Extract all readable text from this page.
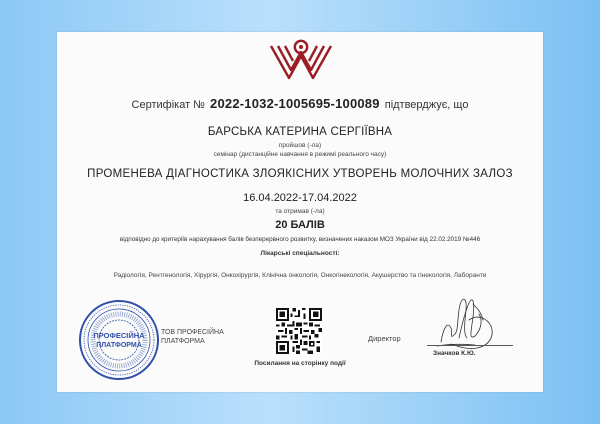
Сертифікат № 2022-1032-1005695-100089 підтверджує, що
БАРСЬКА КАТЕРИНА СЕРГІЇВНА
пройшов (-ла)
семінар (дистанційне навчання в режимі реального часу)
ПРОМЕНЕВА ДІАГНОСТИКА ЗЛОЯКІСНИХ УТВОРЕНЬ МОЛОЧНИХ ЗАЛОЗ
16.04.2022-17.04.2022
та отримав (-ла)
20 БАЛІВ
відповідно до критеріїв нарахування балів безперервного розвитку, визначених наказом МОЗ України від 22.02.2019 №446
Лікарські спеціальності:
Радіологія, Рентгенологія, Хірургія, Онкохірургія, Клінічна онкологія, Онкогінекологія, Акушерство та гінекологія, Лаборанти
ПРОФЕСІЙНА
ПЛАТФОРМА
ТОВ ПРОФЕСІЙНА
ПЛАТФОРМА
Посилання на сторінку події
Директор
Значков К.Ю.
